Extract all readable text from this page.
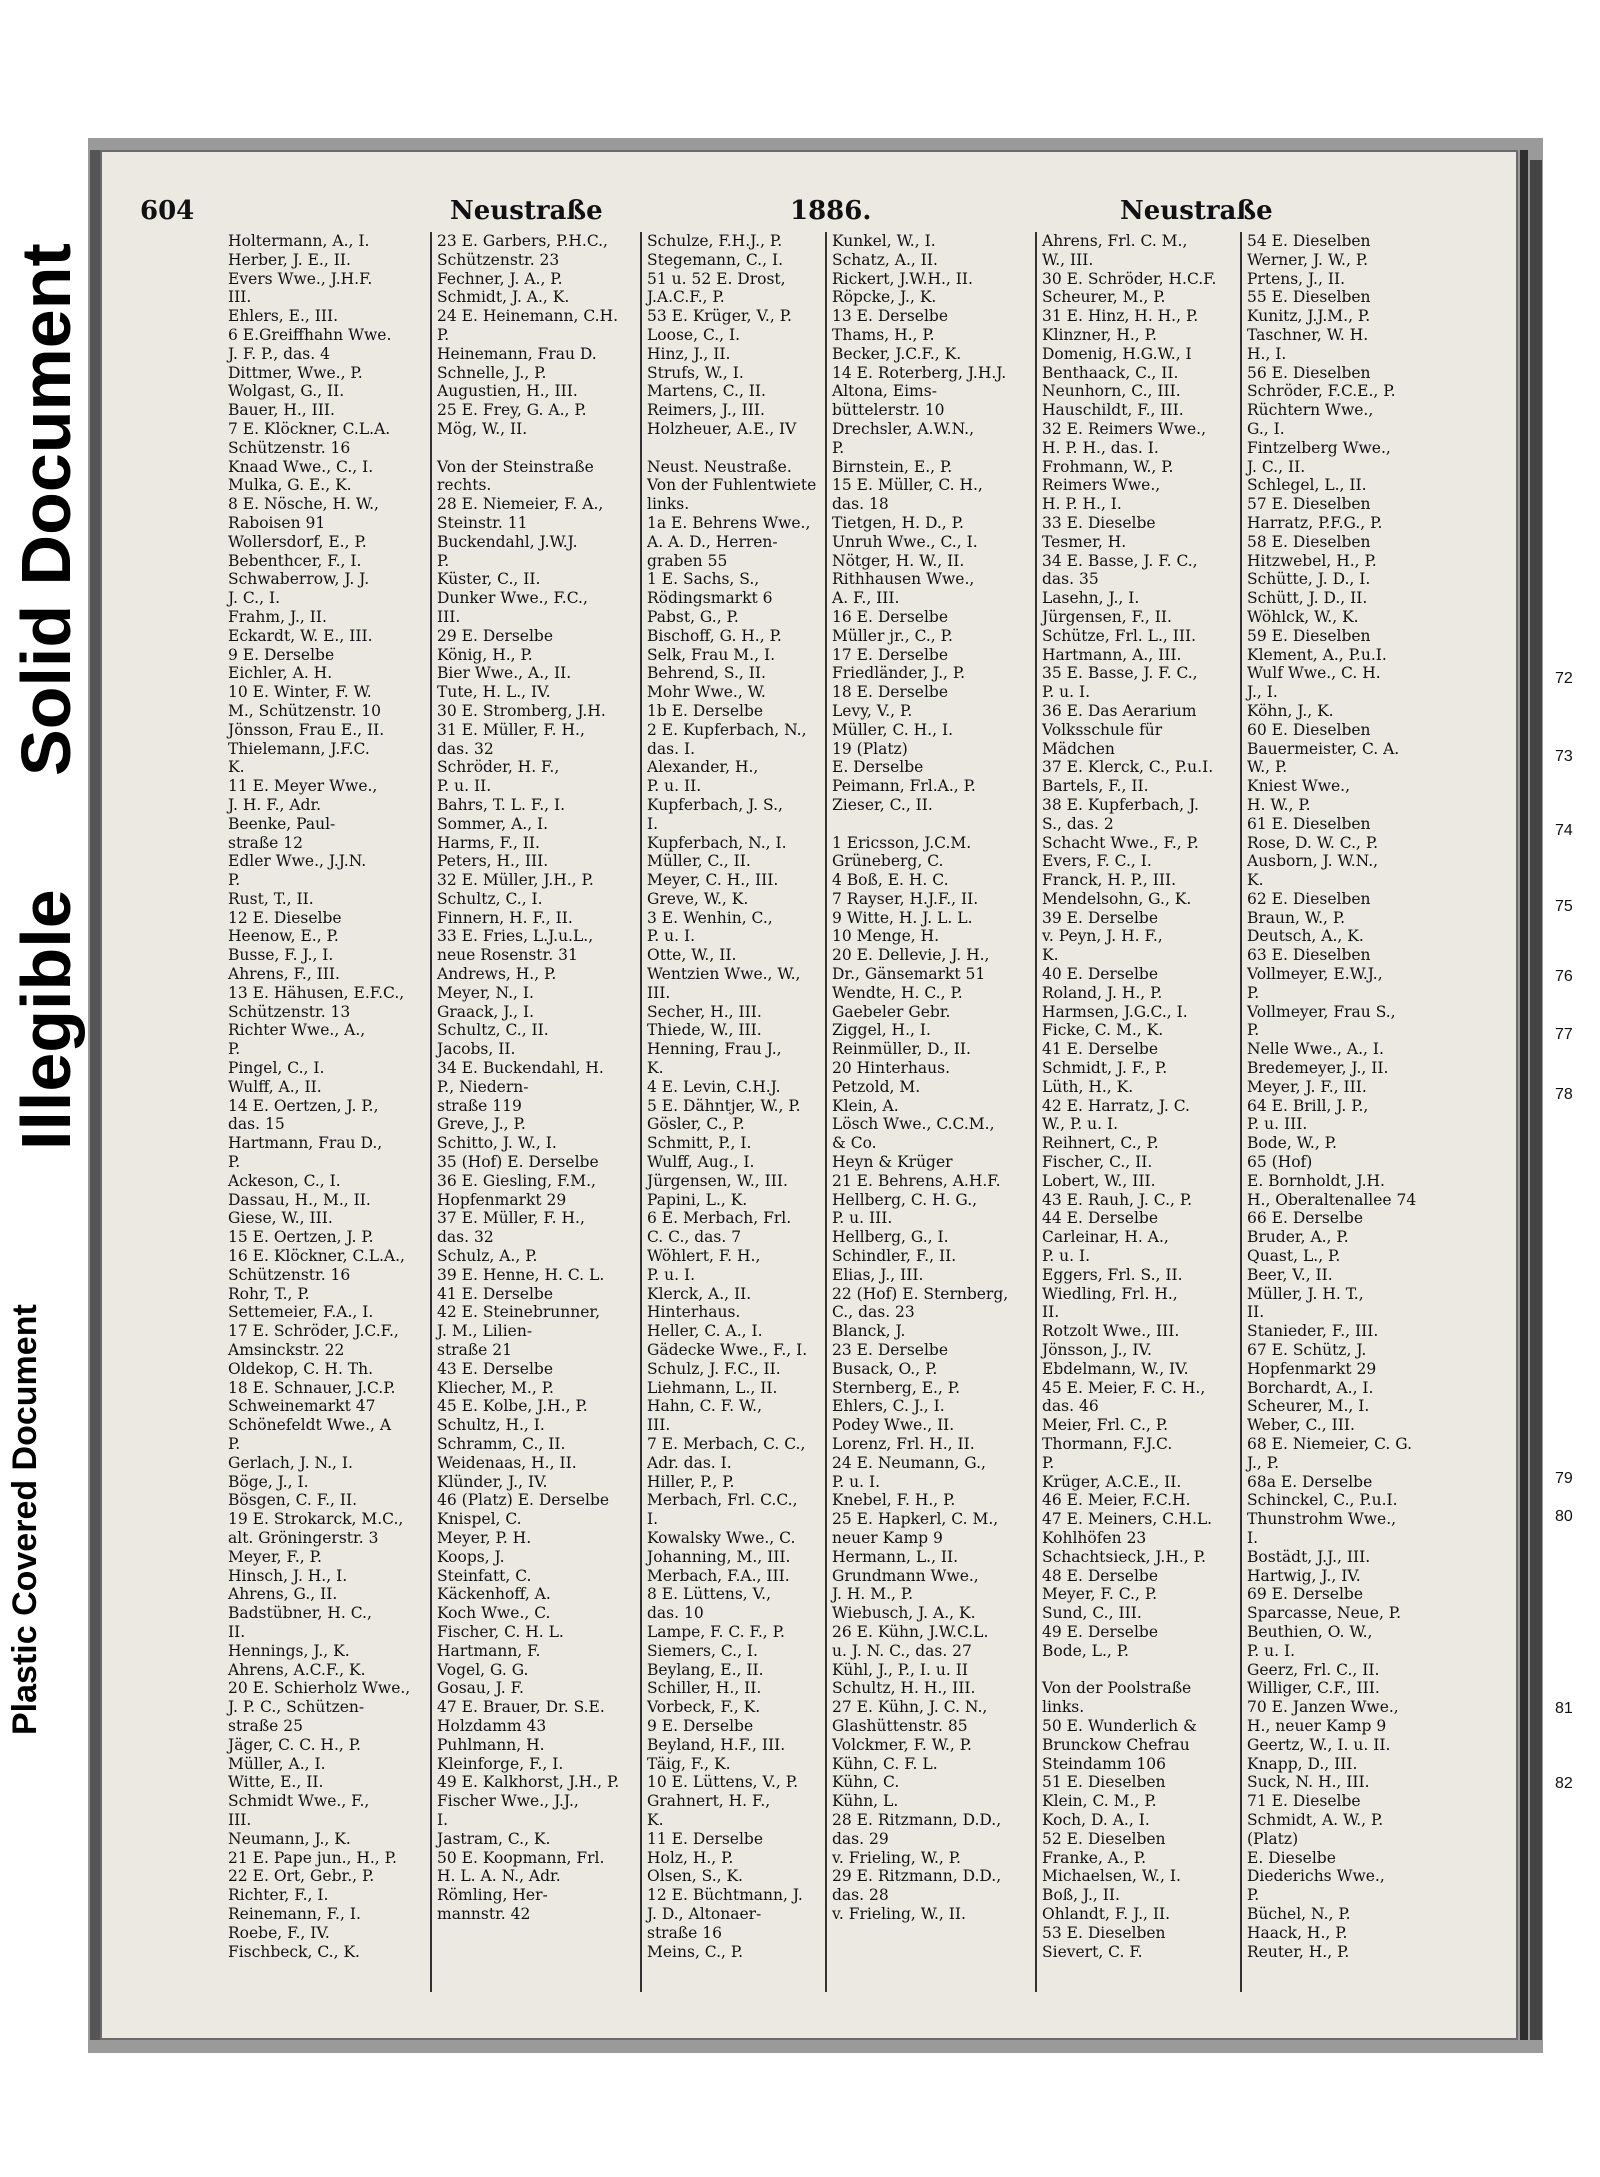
Solid Document
Illegible
Plastic Covered Document
604	Neustraße	1886.	Neustraße
Holtermann, A., I.
Herber, J. E., II.
Evers Wwe., J.H.F.
III.
Ehlers, E., III.
6 E.Greiffhahn Wwe.
J. F. P., das. 4
Dittmer, Wwe., P.
Wolgast, G., II.
Bauer, H., III.
7 E. Klöckner, C.L.A.
Schützenstr. 16
Knaad Wwe., C., I.
Mulka, G. E., K.
8 E. Nösche, H. W.,
Raboisen 91
Wollersdorf, E., P.
Bebenthcer, F., I.
Schwaberrow, J. J.
J. C., I.
Frahm, J., II.
Eckardt, W. E., III.
9 E. Derselbe
Eichler, A. H.
10 E. Winter, F. W.
M., Schützenstr. 10
Jönsson, Frau E., II.
Thielemann, J.F.C.
K.
11 E. Meyer Wwe.,
J. H. F., Adr.
Beenke, Paul-
straße 12
Edler Wwe., J.J.N.
P.
Rust, T., II.
12 E. Dieselbe
Heenow, E., P.
Busse, F. J., I.
Ahrens, F., III.
13 E. Hähusen, E.F.C.,
Schützenstr. 13
Richter Wwe., A.,
P.
Pingel, C., I.
Wulff, A., II.
14 E. Oertzen, J. P.,
das. 15
Hartmann, Frau D.,
P.
Ackeson, C., I.
Dassau, H., M., II.
Giese, W., III.
15 E. Oertzen, J. P.
16 E. Klöckner, C.L.A.,
Schützenstr. 16
Rohr, T., P.
Settemeier, F.A., I.
17 E. Schröder, J.C.F.,
Amsinckstr. 22
Oldekop, C. H. Th.
18 E. Schnauer, J.C.P.
Schweinemarkt 47
Schönefeldt Wwe., A
P.
Gerlach, J. N., I.
Böge, J., I.
Bösgen, C. F., II.
19 E. Strokarck, M.C.,
alt. Gröningerstr. 3
Meyer, F., P.
Hinsch, J. H., I.
Ahrens, G., II.
Badstübner, H. C.,
II.
Hennings, J., K.
Ahrens, A.C.F., K.
20 E. Schierholz Wwe.,
J. P. C., Schützen-
straße 25
Jäger, C. C. H., P.
Müller, A., I.
Witte, E., II.
Schmidt Wwe., F.,
III.
Neumann, J., K.
21 E. Pape jun., H., P.
22 E. Ort, Gebr., P.
Richter, F., I.
Reinemann, F., I.
Roebe, F., IV.
Fischbeck, C., K.
23 E. Garbers, P.H.C.,
Schützenstr. 23
Fechner, J. A., P.
Schmidt, J. A., K.
24 E. Heinemann, C.H.
P.
Heinemann, Frau D.
Schnelle, J., P.
Augustien, H., III.
25 E. Frey, G. A., P.
Mög, W., II.

Von der Steinstraße
rechts.
28 E. Niemeier, F. A.,
Steinstr. 11
Buckendahl, J.W.J.
P.
Küster, C., II.
Dunker Wwe., F.C.,
III.
29 E. Derselbe
König, H., P.
Bier Wwe., A., II.
Tute, H. L., IV.
30 E. Stromberg, J.H.
31 E. Müller, F. H.,
das. 32
Schröder, H. F.,
P. u. II.
Bahrs, T. L. F., I.
Sommer, A., I.
Harms, F., II.
Peters, H., III.
32 E. Müller, J.H., P.
Schultz, C., I.
Finnern, H. F., II.
33 E. Fries, L.J.u.L.,
neue Rosenstr. 31
Andrews, H., P.
Meyer, N., I.
Graack, J., I.
Schultz, C., II.
Jacobs, II.
34 E. Buckendahl, H.
P., Niedern-
straße 119
Greve, J., P.
Schitto, J. W., I.
35 (Hof) E. Derselbe
36 E. Giesling, F.M.,
Hopfenmarkt 29
37 E. Müller, F. H.,
das. 32
Schulz, A., P.
39 E. Henne, H. C. L.
41 E. Derselbe
42 E. Steinebrunner,
J. M., Lilien-
straße 21
43 E. Derselbe
Kliecher, M., P.
45 E. Kolbe, J.H., P.
Schultz, H., I.
Schramm, C., II.
Weidenaas, H., II.
Klünder, J., IV.
46 (Platz) E. Derselbe
Knispel, C.
Meyer, P. H.
Koops, J.
Steinfatt, C.
Käckenhoff, A.
Koch Wwe., C.
Fischer, C. H. L.
Hartmann, F.
Vogel, G. G.
Gosau, J. F.
47 E. Brauer, Dr. S.E.
Holzdamm 43
Puhlmann, H.
Kleinforge, F., I.
49 E. Kalkhorst, J.H., P.
Fischer Wwe., J.J.,
I.
Jastram, C., K.
50 E. Koopmann, Frl.
H. L. A. N., Adr.
Römling, Her-
mannstr. 42
Schulze, F.H.J., P.
Stegemann, C., I.
51 u. 52 E. Drost,
J.A.C.F., P.
53 E. Krüger, V., P.
Loose, C., I.
Hinz, J., II.
Strufs, W., I.
Martens, C., II.
Reimers, J., III.
Holzheuer, A.E., IV

Neust. Neustraße.
Von der Fuhlentwiete
links.
1a E. Behrens Wwe.,
A. A. D., Herren-
graben 55
1 E. Sachs, S.,
Rödingsmarkt 6
Pabst, G., P.
Bischoff, G. H., P.
Selk, Frau M., I.
Behrend, S., II.
Mohr Wwe., W.
1b E. Derselbe
2 E. Kupferbach, N.,
das. I.
Alexander, H.,
P. u. II.
Kupferbach, J. S.,
I.
Kupferbach, N., I.
Müller, C., II.
Meyer, C. H., III.
Greve, W., K.
3 E. Wenhin, C.,
P. u. I.
Otte, W., II.
Wentzien Wwe., W.,
III.
Secher, H., III.
Thiede, W., III.
Henning, Frau J.,
K.
4 E. Levin, C.H.J.
5 E. Dähntjer, W., P.
Gösler, C., P.
Schmitt, P., I.
Wulff, Aug., I.
Jürgensen, W., III.
Papini, L., K.
6 E. Merbach, Frl.
C. C., das. 7
Wöhlert, F. H.,
P. u. I.
Klerck, A., II.
Hinterhaus.
Heller, C. A., I.
Gädecke Wwe., F., I.
Schulz, J. F.C., II.
Liehmann, L., II.
Hahn, C. F. W.,
III.
7 E. Merbach, C. C.,
Adr. das. I.
Hiller, P., P.
Merbach, Frl. C.C.,
I.
Kowalsky Wwe., C.
Johanning, M., III.
Merbach, F.A., III.
8 E. Lüttens, V.,
das. 10
Lampe, F. C. F., P.
Siemers, C., I.
Beylang, E., II.
Schiller, H., II.
Vorbeck, F., K.
9 E. Derselbe
Beyland, H.F., III.
Täig, F., K.
10 E. Lüttens, V., P.
Grahnert, H. F.,
K.
11 E. Derselbe
Holz, H., P.
Olsen, S., K.
12 E. Büchtmann, J.
J. D., Altonaer-
straße 16
Meins, C., P.
Kunkel, W., I.
Schatz, A., II.
Rickert, J.W.H., II.
Röpcke, J., K.
13 E. Derselbe
Thams, H., P.
Becker, J.C.F., K.
14 E. Roterberg, J.H.J.
Altona, Eims-
büttelerstr. 10
Drechsler, A.W.N.,
P.
Birnstein, E., P.
15 E. Müller, C. H.,
das. 18
Tietgen, H. D., P.
Unruh Wwe., C., I.
Nötger, H. W., II.
Rithhausen Wwe.,
A. F., III.
16 E. Derselbe
Müller jr., C., P.
17 E. Derselbe
Friedländer, J., P.
18 E. Derselbe
Levy, V., P.
Müller, C. H., I.
19 (Platz)
E. Derselbe
Peimann, Frl.A., P.
Zieser, C., II.

1 Ericsson, J.C.M.
Grüneberg, C.
4 Boß, E. H. C.
7 Rayser, H.J.F., II.
9 Witte, H. J. L. L.
10 Menge, H.
20 E. Dellevie, J. H.,
Dr., Gänsemarkt 51
Wendte, H. C., P.
Gaebeler Gebr.
Ziggel, H., I.
Reinmüller, D., II.
20 Hinterhaus.
Petzold, M.
Klein, A.
Lösch Wwe., C.C.M.,
& Co.
Heyn & Krüger
21 E. Behrens, A.H.F.
Hellberg, C. H. G.,
P. u. III.
Hellberg, G., I.
Schindler, F., II.
Elias, J., III.
22 (Hof) E. Sternberg,
C., das. 23
Blanck, J.
23 E. Derselbe
Busack, O., P.
Sternberg, E., P.
Ehlers, C. J., I.
Podey Wwe., II.
Lorenz, Frl. H., II.
24 E. Neumann, G.,
P. u. I.
Knebel, F. H., P.
25 E. Hapkerl, C. M.,
neuer Kamp 9
Hermann, L., II.
Grundmann Wwe.,
J. H. M., P.
Wiebusch, J. A., K.
26 E. Kühn, J.W.C.L.
u. J. N. C., das. 27
Kühl, J., P., I. u. II
Schultz, H. H., III.
27 E. Kühn, J. C. N.,
Glashüttenstr. 85
Volckmer, F. W., P.
Kühn, C. F. L.
Kühn, C.
Kühn, L.
28 E. Ritzmann, D.D.,
das. 29
v. Frieling, W., P.
29 E. Ritzmann, D.D.,
das. 28
v. Frieling, W., II.
Ahrens, Frl. C. M.,
W., III.
30 E. Schröder, H.C.F.
Scheurer, M., P.
31 E. Hinz, H. H., P.
Klinzner, H., P.
Domenig, H.G.W., I
Benthaack, C., II.
Neunhorn, C., III.
Hauschildt, F., III.
32 E. Reimers Wwe.,
H. P. H., das. I.
Frohmann, W., P.
Reimers Wwe.,
H. P. H., I.
33 E. Dieselbe
Tesmer, H.
34 E. Basse, J. F. C.,
das. 35
Lasehn, J., I.
Jürgensen, F., II.
Schütze, Frl. L., III.
Hartmann, A., III.
35 E. Basse, J. F. C.,
P. u. I.
36 E. Das Aerarium
Volksschule für
Mädchen
37 E. Klerck, C., P.u.I.
Bartels, F., II.
38 E. Kupferbach, J.
S., das. 2
Schacht Wwe., F., P.
Evers, F. C., I.
Franck, H. P., III.
Mendelsohn, G., K.
39 E. Derselbe
v. Peyn, J. H. F.,
K.
40 E. Derselbe
Roland, J. H., P.
Harmsen, J.G.C., I.
Ficke, C. M., K.
41 E. Derselbe
Schmidt, J. F., P.
Lüth, H., K.
42 E. Harratz, J. C.
W., P. u. I.
Reihnert, C., P.
Fischer, C., II.
Lobert, W., III.
43 E. Rauh, J. C., P.
44 E. Derselbe
Carleinar, H. A.,
P. u. I.
Eggers, Frl. S., II.
Wiedling, Frl. H.,
II.
Rotzolt Wwe., III.
Jönsson, J., IV.
Ebdelmann, W., IV.
45 E. Meier, F. C. H.,
das. 46
Meier, Frl. C., P.
Thormann, F.J.C.
P.
Krüger, A.C.E., II.
46 E. Meier, F.C.H.
47 E. Meiners, C.H.L.
Kohlhöfen 23
Schachtsieck, J.H., P.
48 E. Derselbe
Meyer, F. C., P.
Sund, C., III.
49 E. Derselbe
Bode, L., P.

Von der Poolstraße
links.
50 E. Wunderlich &
Brunckow Chefrau
Steindamm 106
51 E. Dieselben
Klein, C. M., P.
Koch, D. A., I.
52 E. Dieselben
Franke, A., P.
Michaelsen, W., I.
Boß, J., II.
Ohlandt, F. J., II.
53 E. Dieselben
Sievert, C. F.
54 E. Dieselben
Werner, J. W., P.
Prtens, J., II.
55 E. Dieselben
Kunitz, J.J.M., P.
Taschner, W. H.
H., I.
56 E. Dieselben
Schröder, F.C.E., P.
Rüchtern Wwe.,
G., I.
Fintzelberg Wwe.,
J. C., II.
Schlegel, L., II.
57 E. Dieselben
Harratz, P.F.G., P.
58 E. Dieselben
Hitzwebel, H., P.
Schütte, J. D., I.
Schütt, J. D., II.
Wöhlck, W., K.
59 E. Dieselben
Klement, A., P.u.I.
Wulf Wwe., C. H.
J., I.
Köhn, J., K.
60 E. Dieselben
Bauermeister, C. A.
W., P.
Kniest Wwe.,
H. W., P.
61 E. Dieselben
Rose, D. W. C., P.
Ausborn, J. W.N.,
K.
62 E. Dieselben
Braun, W., P.
Deutsch, A., K.
63 E. Dieselben
Vollmeyer, E.W.J.,
P.
Vollmeyer, Frau S.,
P.
Nelle Wwe., A., I.
Bredemeyer, J., II.
Meyer, J. F., III.
64 E. Brill, J. P.,
P. u. III.
Bode, W., P.
65 (Hof)
E. Bornholdt, J.H.
H., Oberaltenallee 74
66 E. Derselbe
Bruder, A., P.
Quast, L., P.
Beer, V., II.
Müller, J. H. T.,
II.
Stanieder, F., III.
67 E. Schütz, J.
Hopfenmarkt 29
Borchardt, A., I.
Scheurer, M., I.
Weber, C., III.
68 E. Niemeier, C. G.
J., P.
68a E. Derselbe
Schinckel, C., P.u.I.
Thunstrohm Wwe.,
I.
Bostädt, J.J., III.
Hartwig, J., IV.
69 E. Derselbe
Sparcasse, Neue, P.
Beuthien, O. W.,
P. u. I.
Geerz, Frl. C., II.
Williger, C.F., III.
70 E. Janzen Wwe.,
H., neuer Kamp 9
Geertz, W., I. u. II.
Knapp, D., III.
Suck, N. H., III.
71 E. Dieselbe
Schmidt, A. W., P.
(Platz)
E. Dieselbe
Diederichs Wwe.,
P.
Büchel, N., P.
Haack, H., P.
Reuter, H., P.
72
73
74
75
76
77
78
79
80
81
82
